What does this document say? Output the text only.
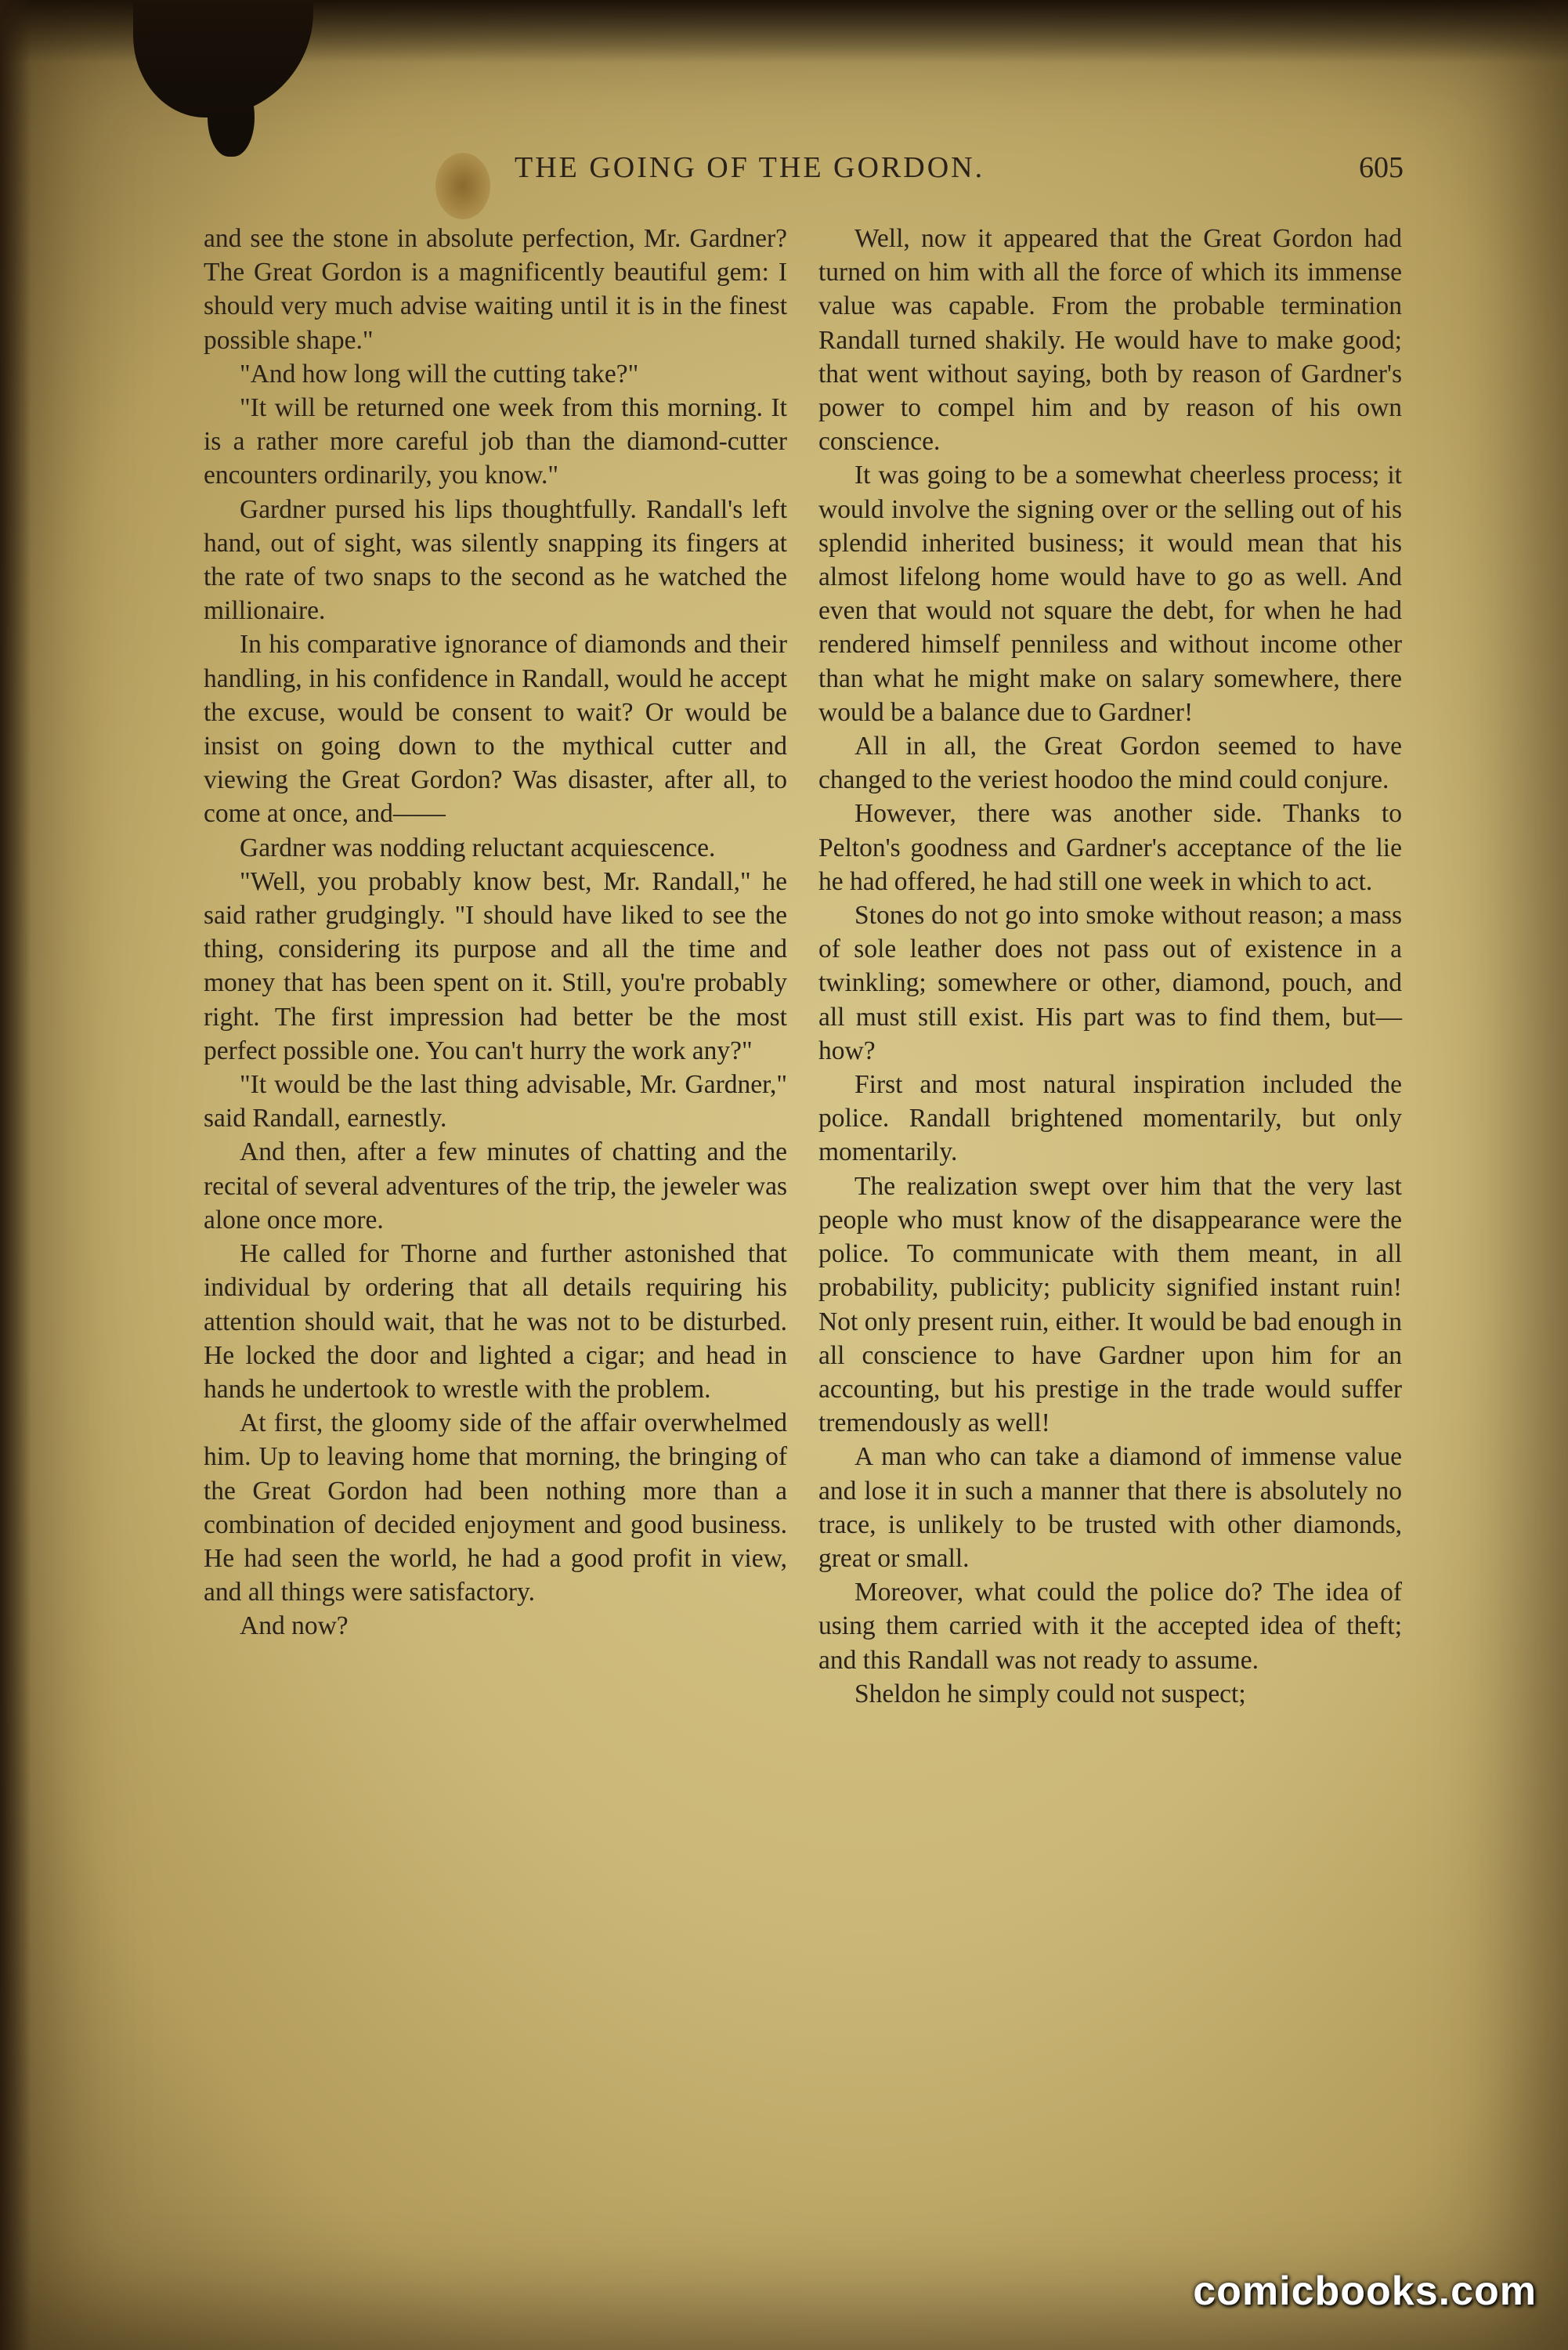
THE GOING OF THE GORDON.	605

and see the stone in absolute perfection, Mr. Gardner? The Great Gordon is a magnificently beautiful gem: I should very much advise waiting until it is in the finest possible shape."

"And how long will the cutting take?"

"It will be returned one week from this morning. It is a rather more careful job than the diamond-cutter encounters ordinarily, you know."

Gardner pursed his lips thoughtfully. Randall's left hand, out of sight, was silently snapping its fingers at the rate of two snaps to the second as he watched the millionaire.

In his comparative ignorance of diamonds and their handling, in his confidence in Randall, would he accept the excuse, would be consent to wait? Or would be insist on going down to the mythical cutter and viewing the Great Gordon? Was disaster, after all, to come at once, and——

Gardner was nodding reluctant acquiescence.

"Well, you probably know best, Mr. Randall," he said rather grudgingly. "I should have liked to see the thing, considering its purpose and all the time and money that has been spent on it. Still, you're probably right. The first impression had better be the most perfect possible one. You can't hurry the work any?"

"It would be the last thing advisable, Mr. Gardner," said Randall, earnestly.

And then, after a few minutes of chatting and the recital of several adventures of the trip, the jeweler was alone once more.

He called for Thorne and further astonished that individual by ordering that all details requiring his attention should wait, that he was not to be disturbed. He locked the door and lighted a cigar; and head in hands he undertook to wrestle with the problem.

At first, the gloomy side of the affair overwhelmed him. Up to leaving home that morning, the bringing of the Great Gordon had been nothing more than a combination of decided enjoyment and good business. He had seen the world, he had a good profit in view, and all things were satisfactory.

And now?

Well, now it appeared that the Great Gordon had turned on him with all the force of which its immense value was capable. From the probable termination Randall turned shakily. He would have to make good; that went without saying, both by reason of Gardner's power to compel him and by reason of his own conscience.

It was going to be a somewhat cheerless process; it would involve the signing over or the selling out of his splendid inherited business; it would mean that his almost lifelong home would have to go as well. And even that would not square the debt, for when he had rendered himself penniless and without income other than what he might make on salary somewhere, there would be a balance due to Gardner!

All in all, the Great Gordon seemed to have changed to the veriest hoodoo the mind could conjure.

However, there was another side. Thanks to Pelton's goodness and Gardner's acceptance of the lie he had offered, he had still one week in which to act.

Stones do not go into smoke without reason; a mass of sole leather does not pass out of existence in a twinkling; somewhere or other, diamond, pouch, and all must still exist. His part was to find them, but—how?

First and most natural inspiration included the police. Randall brightened momentarily, but only momentarily.

The realization swept over him that the very last people who must know of the disappearance were the police. To communicate with them meant, in all probability, publicity; publicity signified instant ruin! Not only present ruin, either. It would be bad enough in all conscience to have Gardner upon him for an accounting, but his prestige in the trade would suffer tremendously as well!

A man who can take a diamond of immense value and lose it in such a manner that there is absolutely no trace, is unlikely to be trusted with other diamonds, great or small.

Moreover, what could the police do? The idea of using them carried with it the accepted idea of theft; and this Randall was not ready to assume.

Sheldon he simply could not suspect;

comicbooks.com
